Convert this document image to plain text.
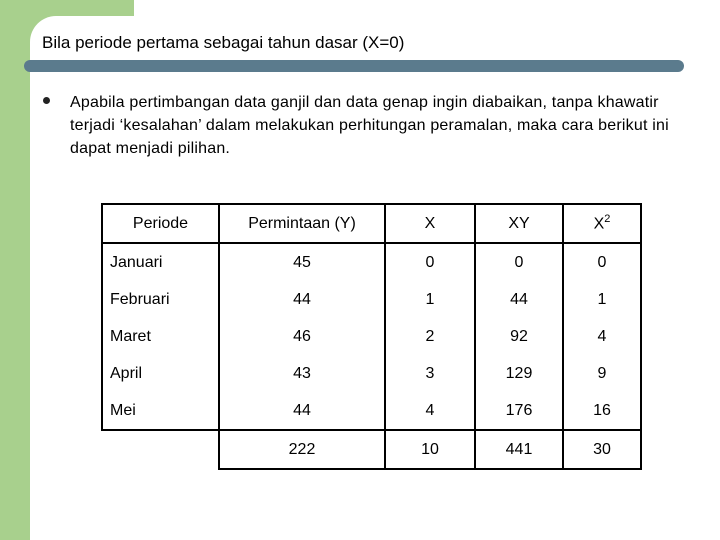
Bila periode pertama sebagai tahun dasar (X=0)

Apabila pertimbangan data ganjil dan data genap ingin diabaikan, tanpa khawatir terjadi ‘kesalahan’ dalam melakukan perhitungan peramalan, maka cara berikut ini dapat menjadi pilihan.

Periode	Permintaan (Y)	X	XY	$X^2$
Januari	45	0	0	0
Februari	44	1	44	1
Maret	46	2	92	4
April	43	3	129	9
Mei	44	4	176	16
	222	10	441	30
